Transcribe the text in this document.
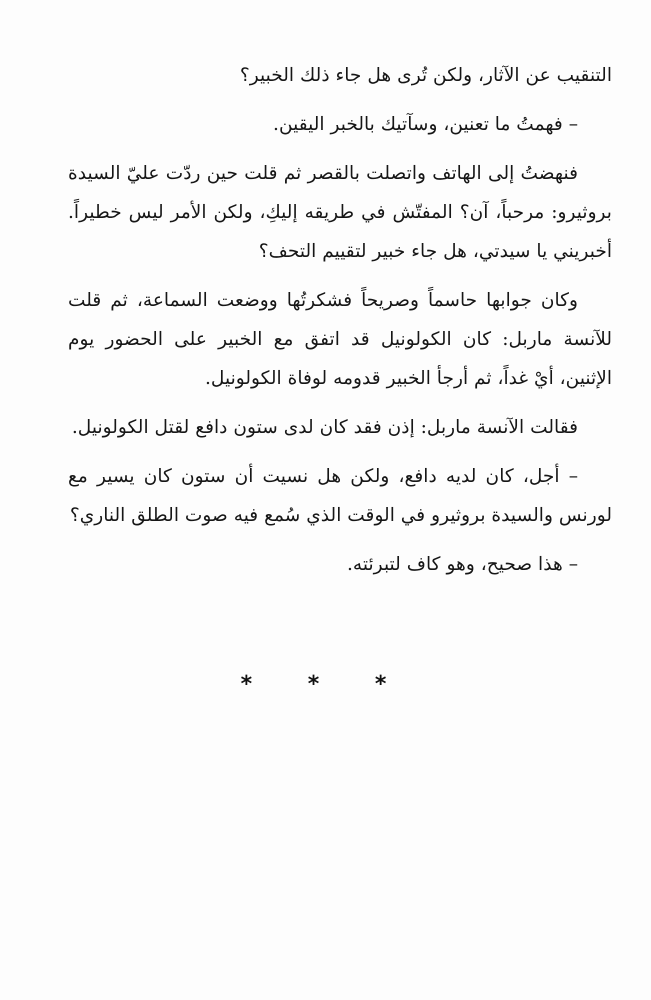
التنقيب عن الآثار، ولكن تُرى هل جاء ذلك الخبير؟

– فهمتُ ما تعنين، وسآتيك بالخبر اليقين.

فنهضتُ إلى الهاتف واتصلت بالقصر ثم قلت حين ردّت عليّ السيدة بروثيرو: مرحباً، آن؟ المفتّش في طريقه إليكِ، ولكن الأمر ليس خطيراً. أخبريني يا سيدتي، هل جاء خبير لتقييم التحف؟

وكان جوابها حاسماً وصريحاً فشكرتُها ووضعت السماعة، ثم قلت للآنسة ماربل: كان الكولونيل قد اتفق مع الخبير على الحضور يوم الإثنين، أيْ غداً، ثم أرجأ الخبير قدومه لوفاة الكولونيل.

فقالت الآنسة ماربل: إذن فقد كان لدى ستون دافع لقتل الكولونيل.

– أجل، كان لديه دافع، ولكن هل نسيت أن ستون كان يسير مع لورنس والسيدة بروثيرو في الوقت الذي سُمع فيه صوت الطلق الناري؟

– هذا صحيح، وهو كاف لتبرئته.

* * *
